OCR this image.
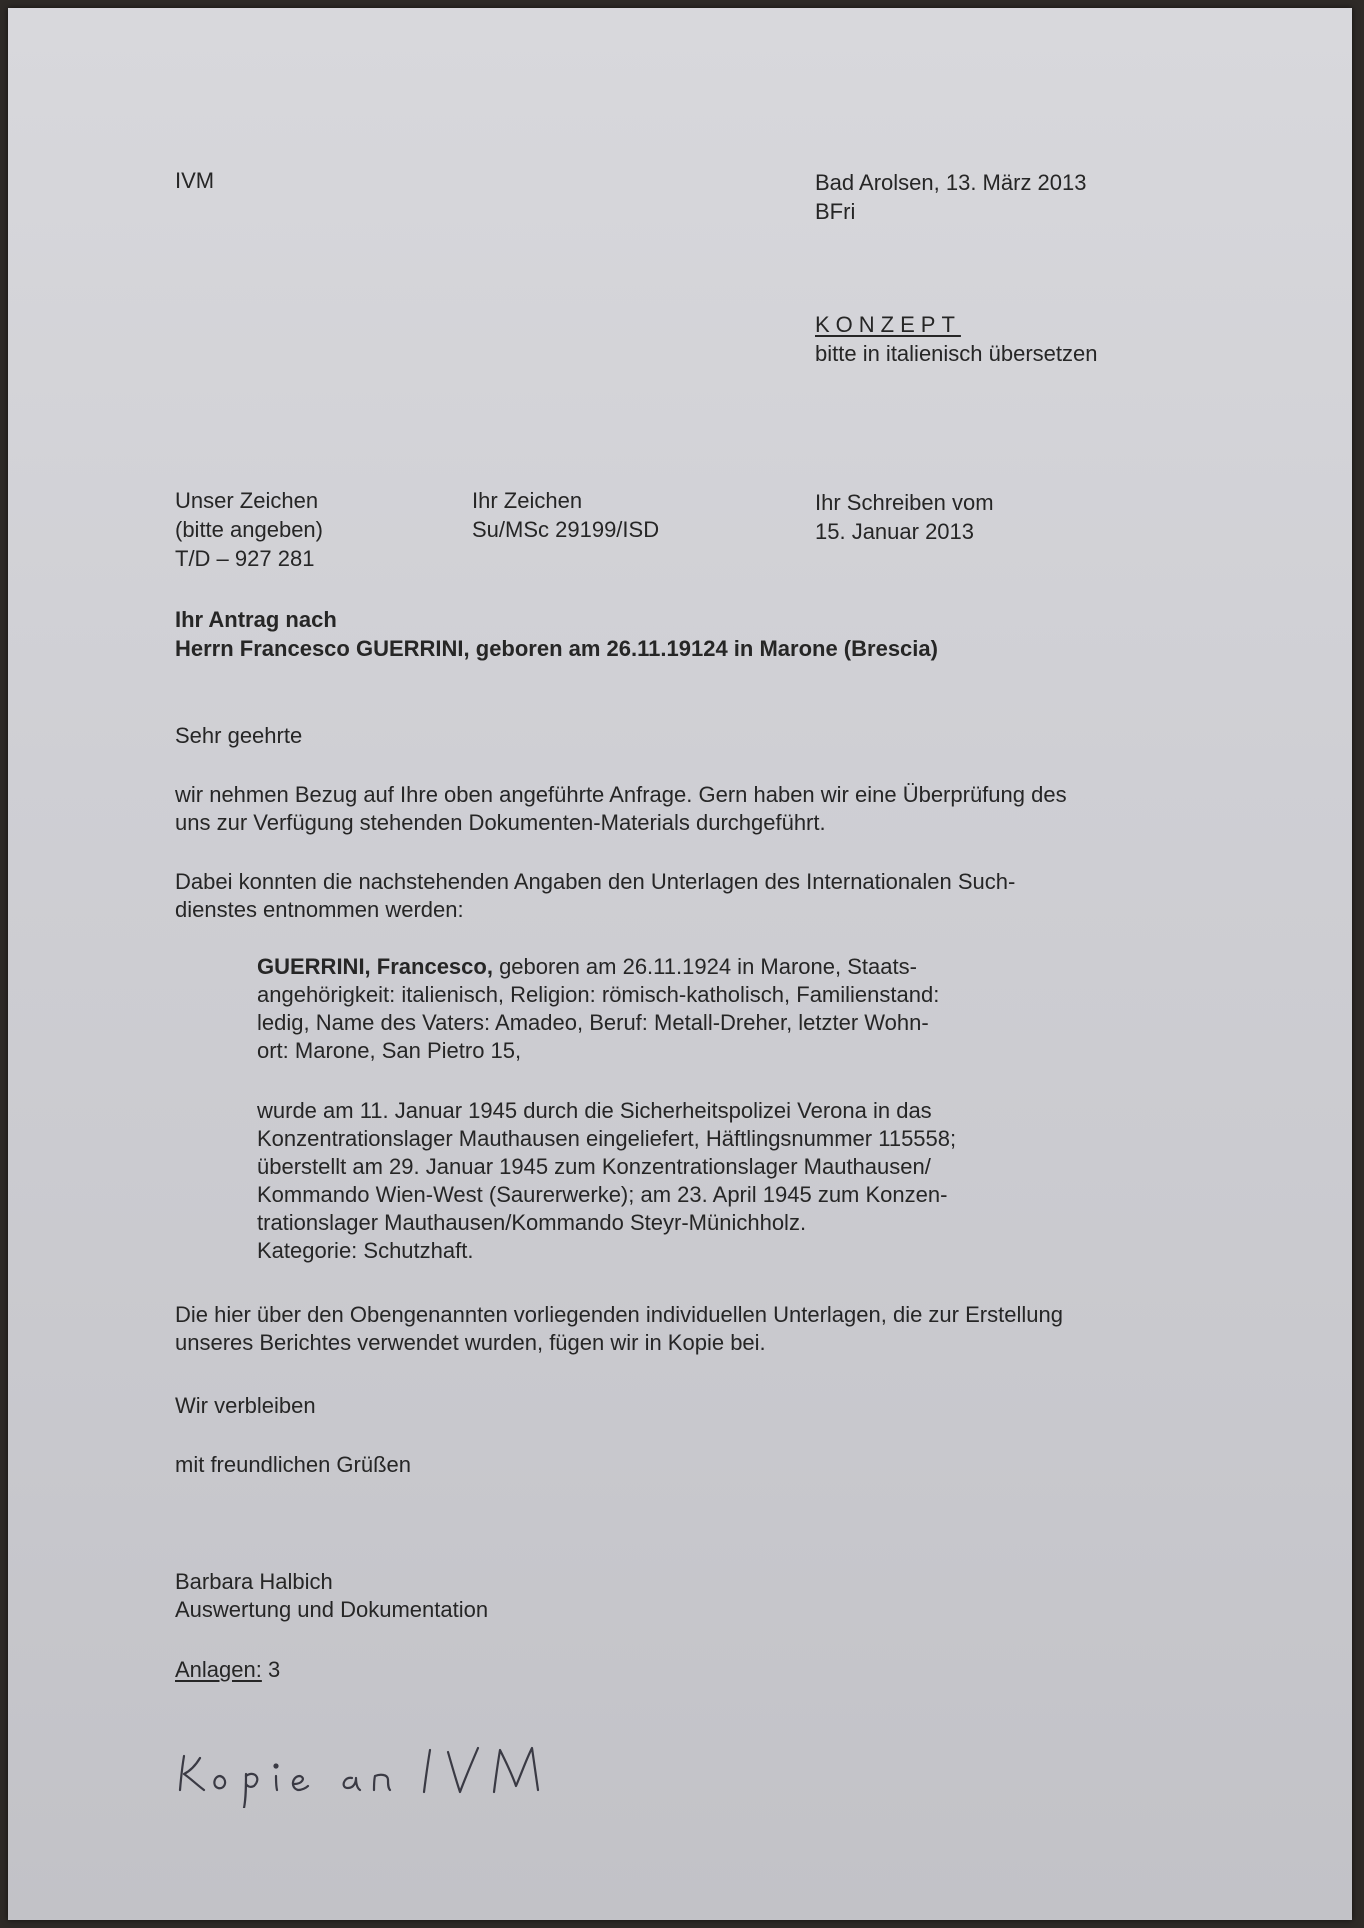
IVM	Bad Arolsen, 13. März 2013
BFri
KONZEPT
bitte in italienisch übersetzen
Unser Zeichen
(bitte angeben)
T/D – 927 281
Ihr Zeichen
Su/MSc 29199/ISD
Ihr Schreiben vom
15. Januar 2013
Ihr Antrag nach
Herrn Francesco GUERRINI, geboren am 26.11.19124 in Marone (Brescia)
Sehr geehrte
wir nehmen Bezug auf Ihre oben angeführte Anfrage. Gern haben wir eine Überprüfung des
uns zur Verfügung stehenden Dokumenten-Materials durchgeführt.
Dabei konnten die nachstehenden Angaben den Unterlagen des Internationalen Such-
dienstes entnommen werden:
GUERRINI, Francesco, geboren am 26.11.1924 in Marone, Staats-
angehörigkeit: italienisch, Religion: römisch-katholisch, Familienstand:
ledig, Name des Vaters: Amadeo, Beruf: Metall-Dreher, letzter Wohn-
ort: Marone, San Pietro 15,
wurde am 11. Januar 1945 durch die Sicherheitspolizei Verona in das
Konzentrationslager Mauthausen eingeliefert, Häftlingsnummer 115558;
überstellt am 29. Januar 1945 zum Konzentrationslager Mauthausen/
Kommando Wien-West (Saurerwerke); am 23. April 1945 zum Konzen-
trationslager Mauthausen/Kommando Steyr-Münichholz.
Kategorie: Schutzhaft.
Die hier über den Obengenannten vorliegenden individuellen Unterlagen, die zur Erstellung
unseres Berichtes verwendet wurden, fügen wir in Kopie bei.
Wir verbleiben
mit freundlichen Grüßen
Barbara Halbich
Auswertung und Dokumentation
Anlagen: 3
